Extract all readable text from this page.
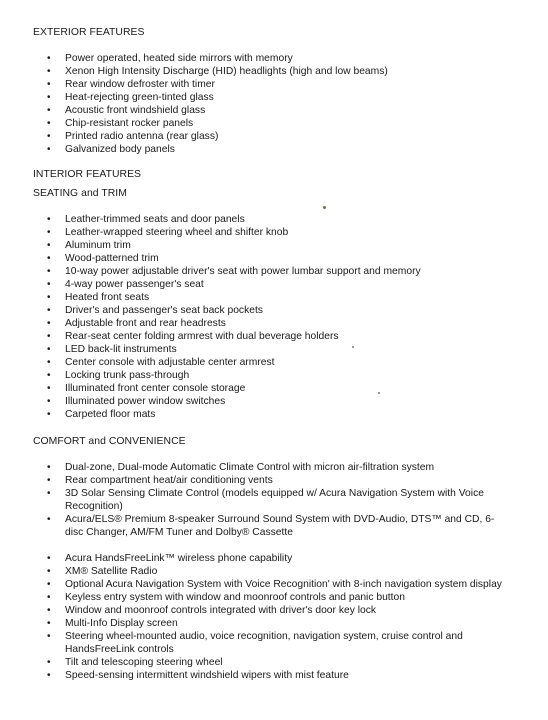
EXTERIOR FEATURES
• Power operated, heated side mirrors with memory
• Xenon High Intensity Discharge (HID) headlights (high and low beams)
• Rear window defroster with timer
• Heat-rejecting green-tinted glass
• Acoustic front windshield glass
• Chip-resistant rocker panels
• Printed radio antenna (rear glass)
• Galvanized body panels
INTERIOR FEATURES
SEATING and TRIM
• Leather-trimmed seats and door panels
• Leather-wrapped steering wheel and shifter knob
• Aluminum trim
• Wood-patterned trim
• 10-way power adjustable driver's seat with power lumbar support and memory
• 4-way power passenger's seat
• Heated front seats
• Driver's and passenger's seat back pockets
• Adjustable front and rear headrests
• Rear-seat center folding armrest with dual beverage holders
• LED back-lit instruments
• Center console with adjustable center armrest
• Locking trunk pass-through
• Illuminated front center console storage
• Illuminated power window switches
• Carpeted floor mats
COMFORT and CONVENIENCE
• Dual-zone, Dual-mode Automatic Climate Control with micron air-filtration system
• Rear compartment heat/air conditioning vents
• 3D Solar Sensing Climate Control (models equipped w/ Acura Navigation System with Voice Recognition)
• Acura/ELS® Premium 8-speaker Surround Sound System with DVD-Audio, DTS™ and CD, 6-disc Changer, AM/FM Tuner and Dolby® Cassette
• Acura HandsFreeLink™ wireless phone capability
• XM® Satellite Radio
• Optional Acura Navigation System with Voice Recognition' with 8-inch navigation system display
• Keyless entry system with window and moonroof controls and panic button
• Window and moonroof controls integrated with driver's door key lock
• Multi-Info Display screen
• Steering wheel-mounted audio, voice recognition, navigation system, cruise control and HandsFreeLink controls
• Tilt and telescoping steering wheel
• Speed-sensing intermittent windshield wipers with mist feature
